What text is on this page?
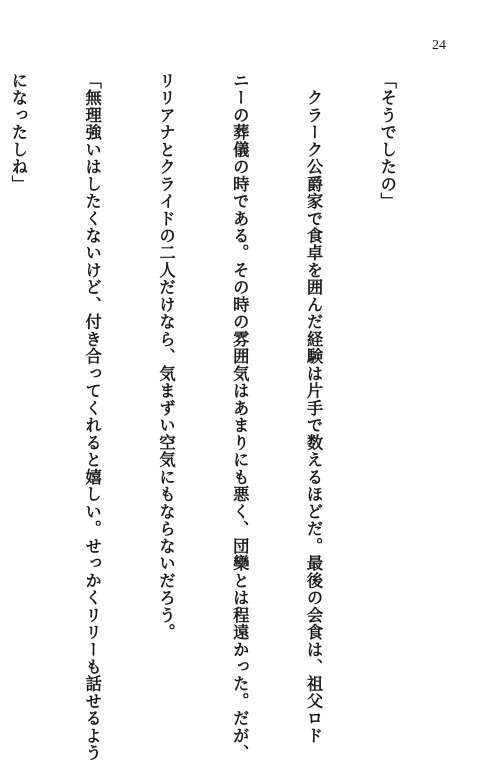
24

「そうでしたの」

　クラーク公爵家で食卓を囲んだ経験は片手で数えるほどだ。最後の会食は、祖父ロド

ニーの葬儀の時である。その時の雰囲気はあまりにも悪く、団欒とは程遠かった。だが、

リリアナとクライドの二人だけなら、気まずい空気にもならないだろう。

「無理強いはしたくないけど、付き合ってくれると嬉しい。せっかくリリーも話せるよう

になったしね」
